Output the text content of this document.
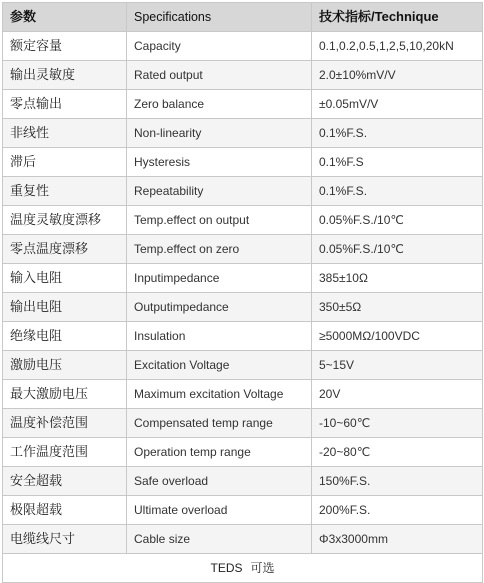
参数	Specifications	技术指标/Technique
额定容量	Capacity	0.1,0.2,0.5,1,2,5,10,20kN
输出灵敏度	Rated output	2.0±10%mV/V
零点输出	Zero balance	±0.05mV/V
非线性	Non-linearity	0.1%F.S.
滞后	Hysteresis	0.1%F.S
重复性	Repeatability	0.1%F.S.
温度灵敏度漂移	Temp.effect on output	0.05%F.S./10℃
零点温度漂移	Temp.effect on zero	0.05%F.S./10℃
输入电阻	Inputimpedance	385±10Ω
输出电阻	Outputimpedance	350±5Ω
绝缘电阻	Insulation	≥5000MΩ/100VDC
激励电压	Excitation Voltage	5~15V
最大激励电压	Maximum excitation Voltage	20V
温度补偿范围	Compensated temp range	-10~60℃
工作温度范围	Operation temp range	-20~80℃
安全超载	Safe overload	150%F.S.
极限超载	Ultimate overload	200%F.S.
电缆线尺寸	Cable size	Φ3x3000mm
TEDS 可选		
